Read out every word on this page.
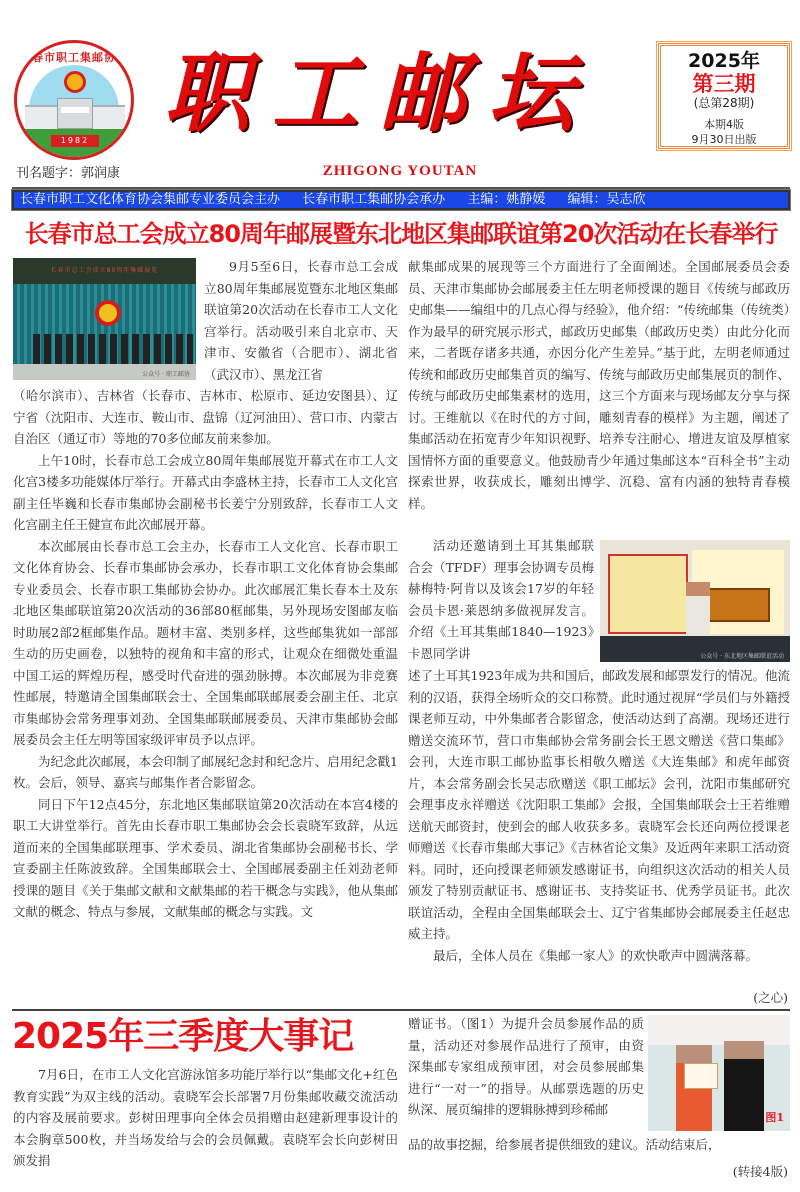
长春市职工集邮协会
1982 职工邮坛
ZHIGONG YOUTAN
刊名题字：郭润康
2025年
第三期
(总第28期)
本期4版
9月30日出版
长春市职工文化体育协会集邮专业委员会主办 长春市职工集邮协会承办 主编：姚静媛 编辑：吴志欣
长春市总工会成立80周年邮展暨东北地区集邮联谊第20次活动在长春举行
长春市总工会成立80周年集邮展览
公众号 · 职工邮协

9月5至6日，长春市总工会成立80周年集邮展览暨东北地区集邮联谊第20次活动在长春市工人文化宫举行。活动吸引来自北京市、天津市、安徽省（合肥市）、湖北省（武汉市）、黑龙江省

（哈尔滨市）、吉林省（长春市、吉林市、松原市、延边安图县）、辽宁省（沈阳市、大连市、鞍山市、盘锦（辽河油田）、营口市、内蒙古自治区（通辽市）等地的70多位邮友前来参加。

上午10时，长春市总工会成立80周年集邮展览开幕式在市工人文化宫3楼多功能媒体厅举行。开幕式由李盛林主持，长春市工人文化宫副主任毕巍和长春市集邮协会副秘书长姜宁分别致辞，长春市工人文化宫副主任王健宣布此次邮展开幕。

本次邮展由长春市总工会主办，长春市工人文化宫、长春市职工文化体育协会、长春市集邮协会承办，长春市职工文化体育协会集邮专业委员会、长春市职工集邮协会协办。此次邮展汇集长春本土及东北地区集邮联谊第20次活动的36部80框邮集，另外现场安图邮友临时助展2部2框邮集作品。题材丰富、类别多样，这些邮集犹如一部部生动的历史画卷，以独特的视角和丰富的形式，让观众在细微处重温中国工运的辉煌历程，感受时代奋进的强劲脉搏。本次邮展为非竞赛性邮展，特邀请全国集邮联会士、全国集邮联邮展委会副主任、北京市集邮协会常务理事刘劲、全国集邮联邮展委员、天津市集邮协会邮展委员会主任左明等国家级评审员予以点评。

为纪念此次邮展，本会印制了邮展纪念封和纪念片、启用纪念戳1枚。会后，领导、嘉宾与邮集作者合影留念。

同日下午12点45分，东北地区集邮联谊第20次活动在本宫4楼的职工大讲堂举行。首先由长春市职工集邮协会会长袁晓军致辞，从远道而来的全国集邮联理事、学术委员、湖北省集邮协会副秘书长、学宣委副主任陈波致辞。全国集邮联会士、全国邮展委副主任刘劲老师授课的题目《关于集邮文献和文献集邮的若干概念与实践》，他从集邮文献的概念、特点与参展，文献集邮的概念与实践。文

献集邮成果的展现等三个方面进行了全面阐述。全国邮展委员会委员、天津市集邮协会邮展委主任左明老师授课的题目《传统与邮政历史邮集——编组中的几点心得与经验》，他介绍：“传统邮集（传统类）作为最早的研究展示形式，邮政历史邮集（邮政历史类）由此分化而来，二者既存诸多共通，亦因分化产生差异。”基于此，左明老师通过传统和邮政历史邮集首页的编写、传统与邮政历史邮集展页的制作、传统与邮政历史邮集素材的选用，这三个方面来与现场邮友分享与探讨。王维航以《在时代的方寸间，雕刻青春的模样》为主题，阐述了集邮活动在拓宽青少年知识视野、培养专注耐心、增进友谊及厚植家国情怀方面的重要意义。他鼓励青少年通过集邮这本“百科全书”主动探索世界，收获成长，雕刻出博学、沉稳、富有内涵的独特青春模样。

活动还邀请到土耳其集邮联合会（TFDF）理事会协调专员梅赫梅特·阿肯以及该会17岁的年轻会员卡恩·莱恩纳多做视屏发言。介绍《土耳其集邮1840—1923》卡恩同学讲	公众号 · 东北地区集邮联谊活动

述了土耳其1923年成为共和国后，邮政发展和邮票发行的情况。他流利的汉语，获得全场听众的交口称赞。此时通过视屏“学员们与外籍授课老师互动，中外集邮者合影留念，使活动达到了高潮。现场还进行赠送交流环节，营口市集邮协会常务副会长王恩文赠送《营口集邮》会刊，大连市职工邮协监事长相敬久赠送《大连集邮》和虎年邮资片，本会常务副会长吴志欣赠送《职工邮坛》会刊，沈阳市集邮研究会理事皮永祥赠送《沈阳职工集邮》会报，全国集邮联会士王若维赠送航天邮资封，使到会的邮人收获多多。袁晓军会长还向两位授课老师赠送《长春市集邮大事记》《吉林省论文集》及近两年来职工活动资料。同时，还向授课老师颁发感谢证书，向组织这次活动的相关人员颁发了特别贡献证书、感谢证书、支持奖证书、优秀学员证书。此次联谊活动，全程由全国集邮联会士、辽宁省集邮协会邮展委主任赵忠威主持。

最后，全体人员在《集邮一家人》的欢快歌声中圆满落幕。

(之心)
2025年三季度大事记

7月6日，在市工人文化宫游泳馆多功能厅举行以“集邮文化+红色教育实践”为双主线的活动。袁晓军会长部署7月份集邮收藏交流活动的内容及展前要求。彭树田理事向全体会员捐赠由赵建新理事设计的本会胸章500枚，并当场发给与会的会员佩戴。袁晓军会长向彭树田颁发捐

赠证书。（图1）为提升会员参展作品的质量，活动还对参展作品进行了预审，由资深集邮专家组成预审团，对会员参展邮集进行“一对一”的指导。从邮票选题的历史纵深、展页编排的逻辑脉搏到珍稀邮

图1

品的故事挖掘，给参展者提供细致的建议。活动结束后，

(转接4版)
